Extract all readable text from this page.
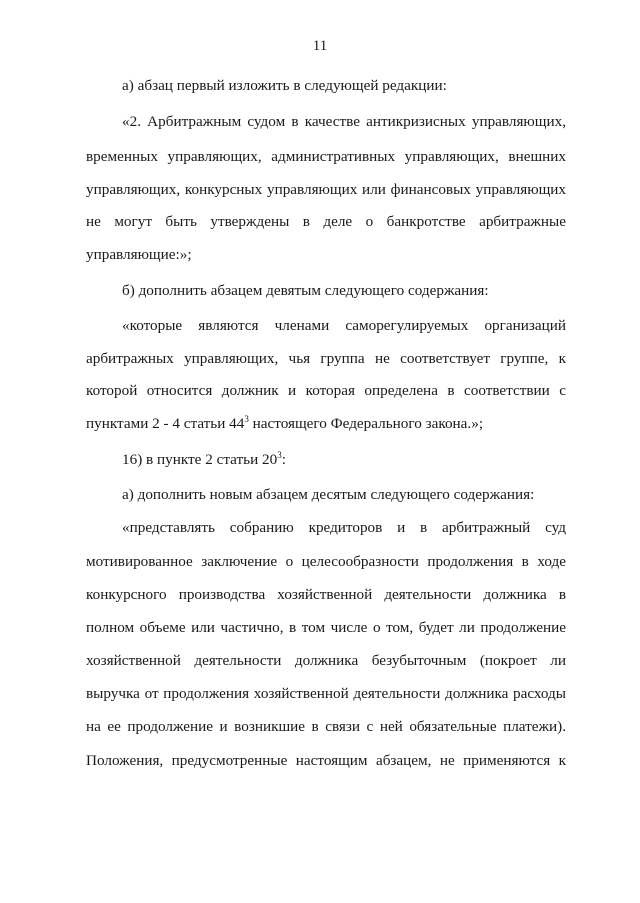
11
а) абзац первый изложить в следующей редакции:
«2. Арбитражным судом в качестве антикризисных управляющих,
временных управляющих, административных управляющих, внешних
управляющих, конкурсных управляющих или финансовых управляющих
не могут быть утверждены в деле о банкротстве арбитражные
управляющие:»;
б) дополнить абзацем девятым следующего содержания:
«которые являются членами саморегулируемых организаций
арбитражных управляющих, чья группа не соответствует группе, к
которой относится должник и которая определена в соответствии с
пунктами 2 - 4 статьи $44^3$ настоящего Федерального закона.»;
16) в пункте 2 статьи $20^3$:
а) дополнить новым абзацем десятым следующего содержания:
«представлять собранию кредиторов и в арбитражный суд
мотивированное заключение о целесообразности продолжения в ходе
конкурсного производства хозяйственной деятельности должника в
полном объеме или частично, в том числе о том, будет ли продолжение
хозяйственной деятельности должника безубыточным (покроет ли
выручка от продолжения хозяйственной деятельности должника расходы
на ее продолжение и возникшие в связи с ней обязательные платежи).
Положения, предусмотренные настоящим абзацем, не применяются к
